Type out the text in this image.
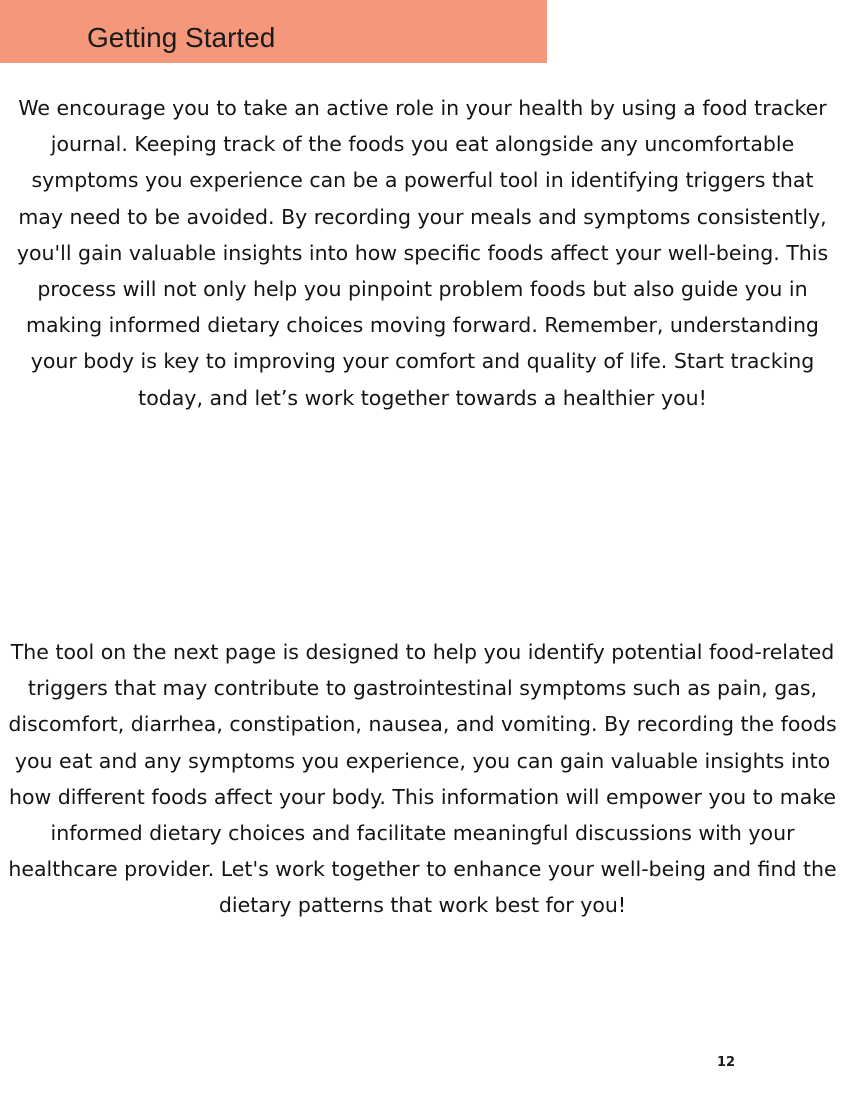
Getting Started

We encourage you to take an active role in your health by using a food tracker journal. Keeping track of the foods you eat alongside any uncomfortable symptoms you experience can be a powerful tool in identifying triggers that may need to be avoided. By recording your meals and symptoms consistently, you'll gain valuable insights into how specific foods affect your well-being. This process will not only help you pinpoint problem foods but also guide you in making informed dietary choices moving forward. Remember, understanding your body is key to improving your comfort and quality of life. Start tracking today, and let’s work together towards a healthier you!

The tool on the next page is designed to help you identify potential food-related triggers that may contribute to gastrointestinal symptoms such as pain, gas, discomfort, diarrhea, constipation, nausea, and vomiting. By recording the foods you eat and any symptoms you experience, you can gain valuable insights into how different foods affect your body. This information will empower you to make informed dietary choices and facilitate meaningful discussions with your healthcare provider. Let's work together to enhance your well-being and find the dietary patterns that work best for you!

12
